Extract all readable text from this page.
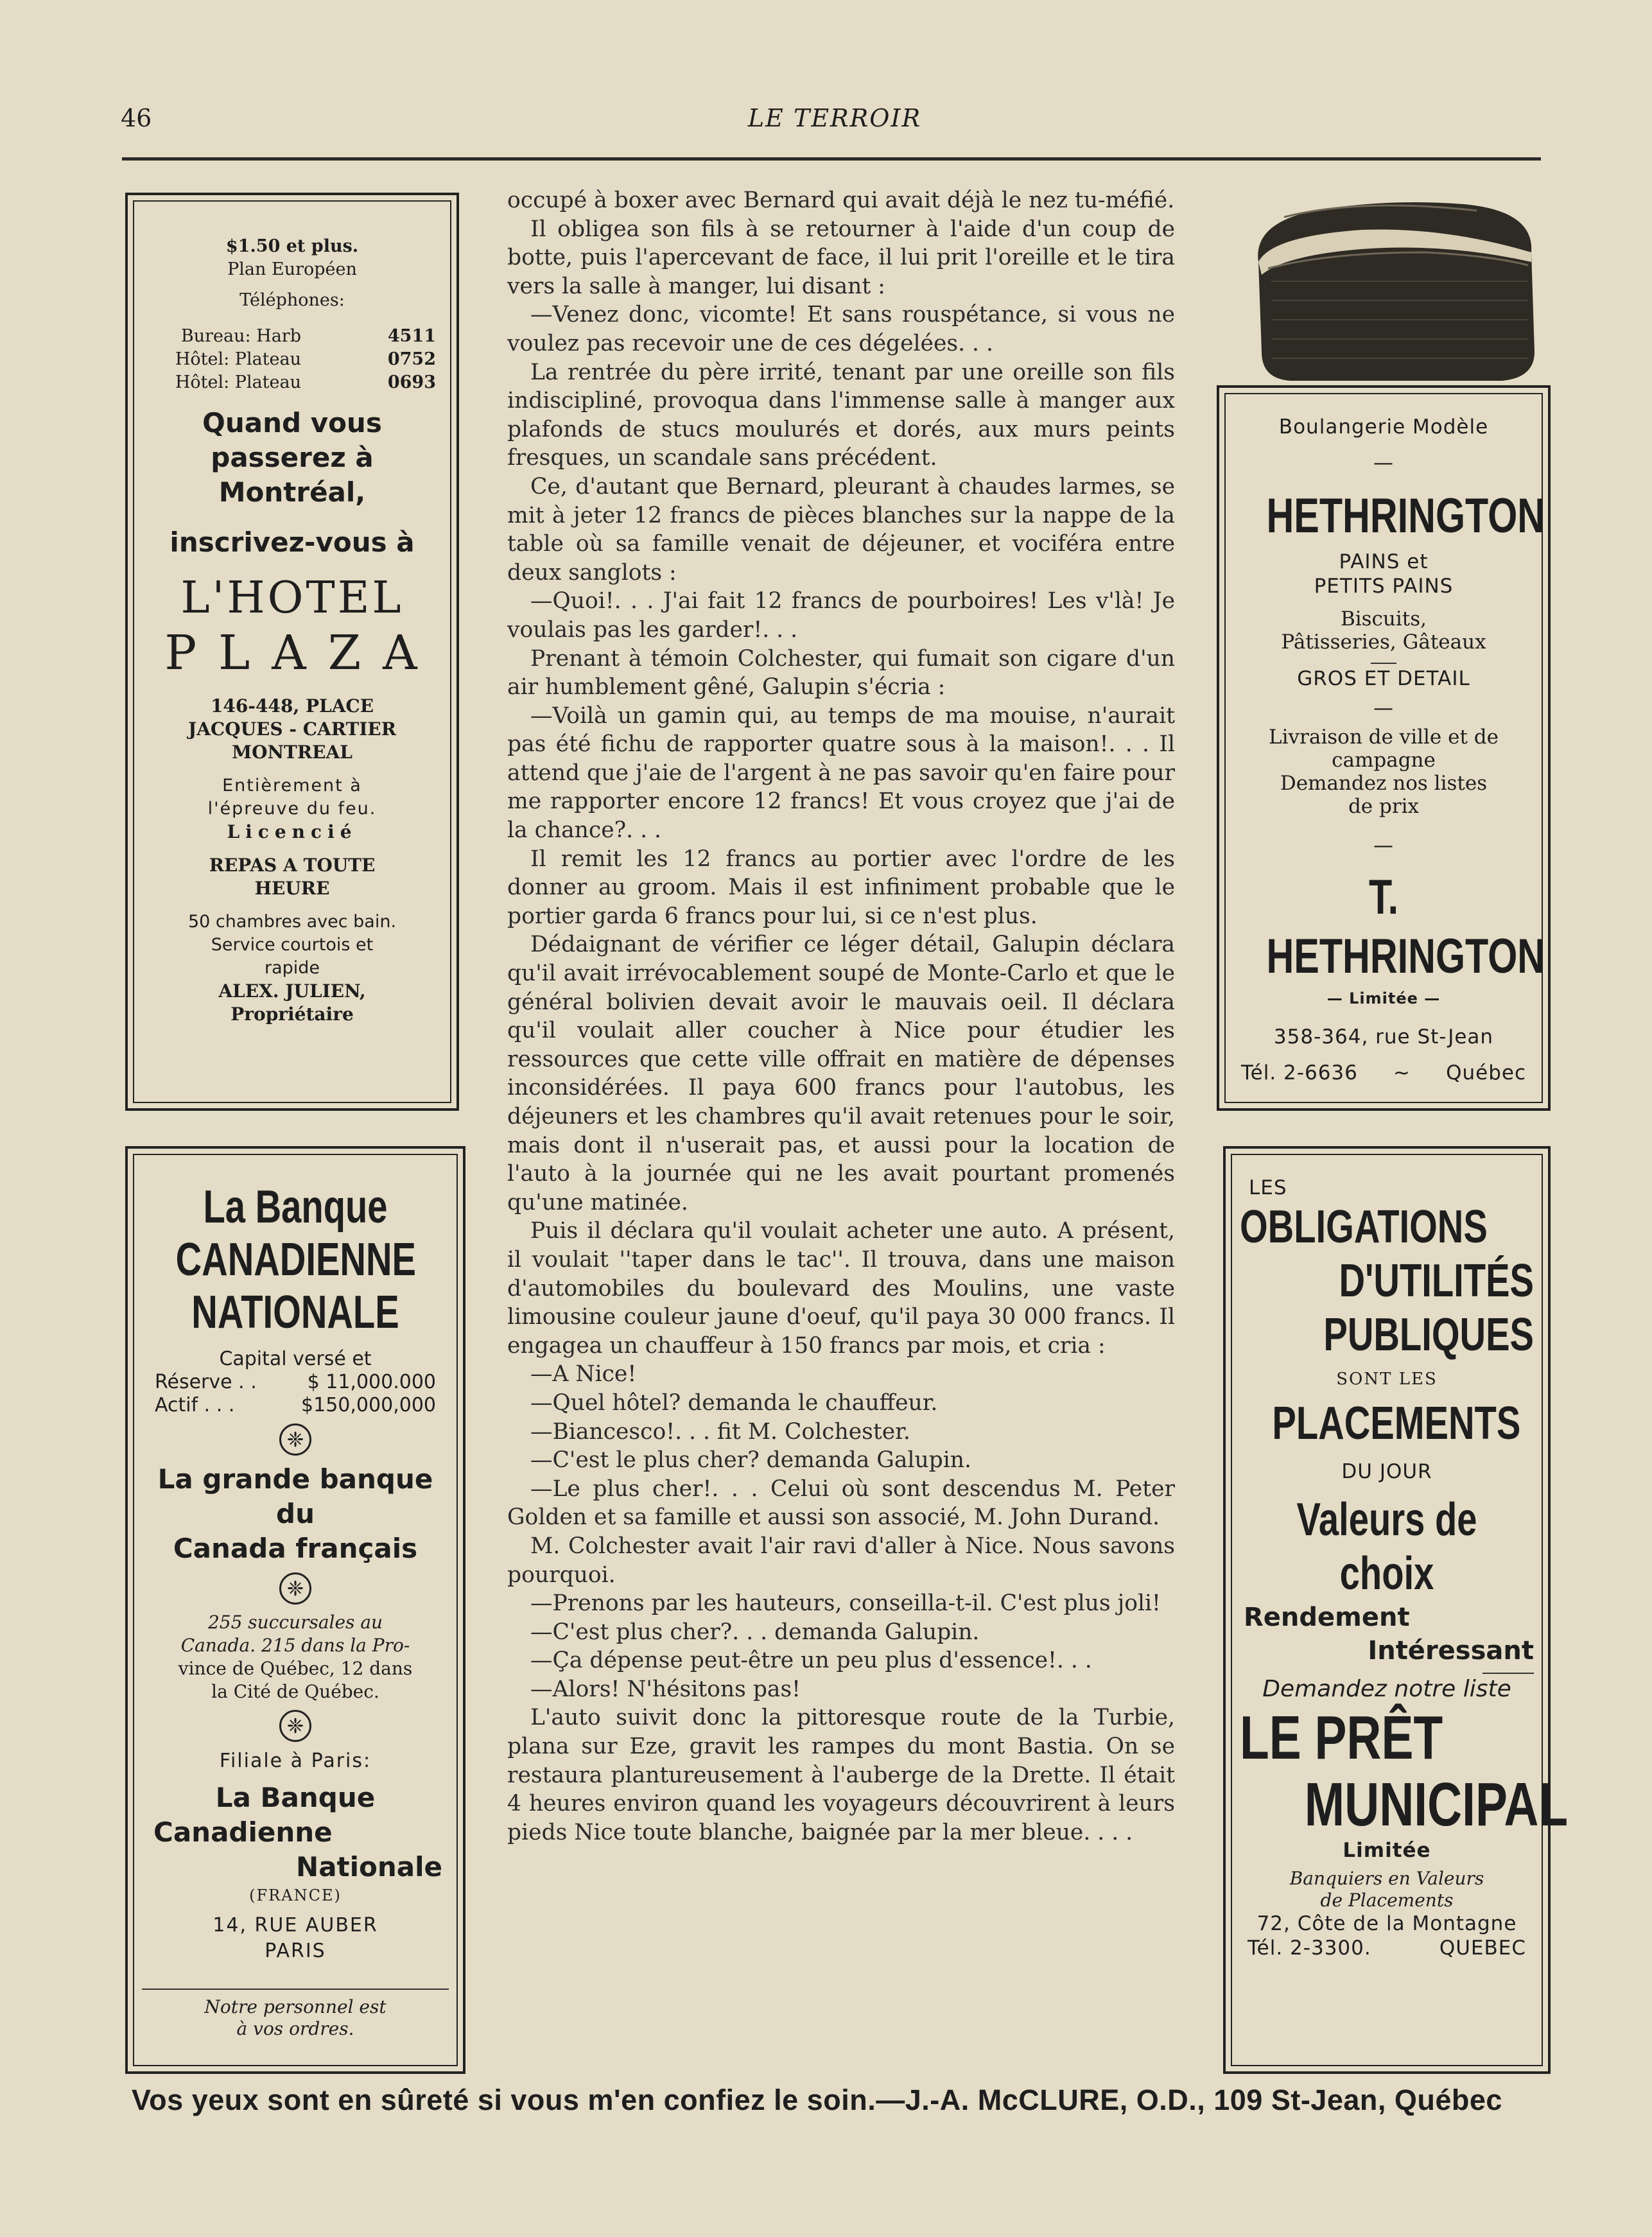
46	LE TERROIR
$1.50 et plus.
Plan Européen
Téléphones:
Bureau: Harb	4511
Hôtel: Plateau	0752
Hôtel: Plateau	0693
Quand vous
passerez à
Montréal,
inscrivez-vous à
L'HOTEL
PLAZA
146-448, PLACE
JACQUES - CARTIER
MONTREAL
Entièrement à
l'épreuve du feu.
Licencié
REPAS A TOUTE
HEURE
50 chambres avec bain.
Service courtois et
rapide
ALEX. JULIEN,
Propriétaire
La Banque
CANADIENNE
NATIONALE
Capital versé et
Réserve . .	$ 11,000.000
Actif . . .	$150,000,000
❈
La grande banque
du
Canada français
❈
255 succursales au
Canada. 215 dans la Pro-
vince de Québec, 12 dans
la Cité de Québec.
❈
Filiale à Paris:
La Banque
Canadienne
Nationale
(FRANCE)
14, RUE AUBER
PARIS
Notre personnel est
à vos ordres.

occupé à boxer avec Bernard qui avait déjà le nez tu-méfié.

Il obligea son fils à se retourner à l'aide d'un coup de botte, puis l'apercevant de face, il lui prit l'oreille et le tira vers la salle à manger, lui disant :

—Venez donc, vicomte! Et sans rouspétance, si vous ne voulez pas recevoir une de ces dégelées. . .

La rentrée du père irrité, tenant par une oreille son fils indiscipliné, provoqua dans l'immense salle à manger aux plafonds de stucs moulurés et dorés, aux murs peints fresques, un scandale sans précédent.

Ce, d'autant que Bernard, pleurant à chaudes larmes, se mit à jeter 12 francs de pièces blanches sur la nappe de la table où sa famille venait de déjeuner, et vociféra entre deux sanglots :

—Quoi!. . . J'ai fait 12 francs de pourboires! Les v'là! Je voulais pas les garder!. . .

Prenant à témoin Colchester, qui fumait son cigare d'un air humblement gêné, Galupin s'écria :

—Voilà un gamin qui, au temps de ma mouise, n'aurait pas été fichu de rapporter quatre sous à la maison!. . . Il attend que j'aie de l'argent à ne pas savoir qu'en faire pour me rapporter encore 12 francs! Et vous croyez que j'ai de la chance?. . .

Il remit les 12 francs au portier avec l'ordre de les donner au groom. Mais il est infiniment probable que le portier garda 6 francs pour lui, si ce n'est plus.

Dédaignant de vérifier ce léger détail, Galupin déclara qu'il avait irrévocablement soupé de Monte-Carlo et que le général bolivien devait avoir le mauvais oeil. Il déclara qu'il voulait aller coucher à Nice pour étudier les ressources que cette ville offrait en matière de dépenses inconsidérées. Il paya 600 francs pour l'autobus, les déjeuners et les chambres qu'il avait retenues pour le soir, mais dont il n'userait pas, et aussi pour la location de l'auto à la journée qui ne les avait pourtant promenés qu'une matinée.

Puis il déclara qu'il voulait acheter une auto. A présent, il voulait ''taper dans le tac''. Il trouva, dans une maison d'automobiles du boulevard des Moulins, une vaste limousine couleur jaune d'oeuf, qu'il paya 30 000 francs. Il engagea un chauffeur à 150 francs par mois, et cria :

—A Nice!

—Quel hôtel? demanda le chauffeur.

—Biancesco!. . . fit M. Colchester.

—C'est le plus cher? demanda Galupin.

—Le plus cher!. . . Celui où sont descendus M. Peter Golden et sa famille et aussi son associé, M. John Durand.

M. Colchester avait l'air ravi d'aller à Nice. Nous savons pourquoi.

—Prenons par les hauteurs, conseilla-t-il. C'est plus joli!

—C'est plus cher?. . . demanda Galupin.

—Ça dépense peut-être un peu plus d'essence!. . .

—Alors! N'hésitons pas!

L'auto suivit donc la pittoresque route de la Turbie, plana sur Eze, gravit les rampes du mont Bastia. On se restaura plantureusement à l'auberge de la Drette. Il était 4 heures environ quand les voyageurs découvrirent à leurs pieds Nice toute blanche, baignée par la mer bleue. . . .

Boulangerie Modèle
—
HETHRINGTON
PAINS et
PETITS PAINS
Biscuits,
Pâtisseries, Gâteaux
GROS ET DETAIL
—
Livraison de ville et de
campagne
Demandez nos listes
de prix
—
T. HETHRINGTON
— Limitée —
358-364, rue St-Jean
Tél. 2-6636 ~ Québec
LES
OBLIGATIONS
D'UTILITÉS
PUBLIQUES
SONT LES
PLACEMENTS
DU JOUR
Valeurs de choix
Rendement
Intéressant
Demandez notre liste
LE PRÊT
MUNICIPAL
Limitée
Banquiers en Valeurs
de Placements
72, Côte de la Montagne
Tél. 2-3300.	QUEBEC
Vos yeux sont en sûreté si vous m'en confiez le soin.—J.-A. McCLURE, O.D., 109 St-Jean, Québec
